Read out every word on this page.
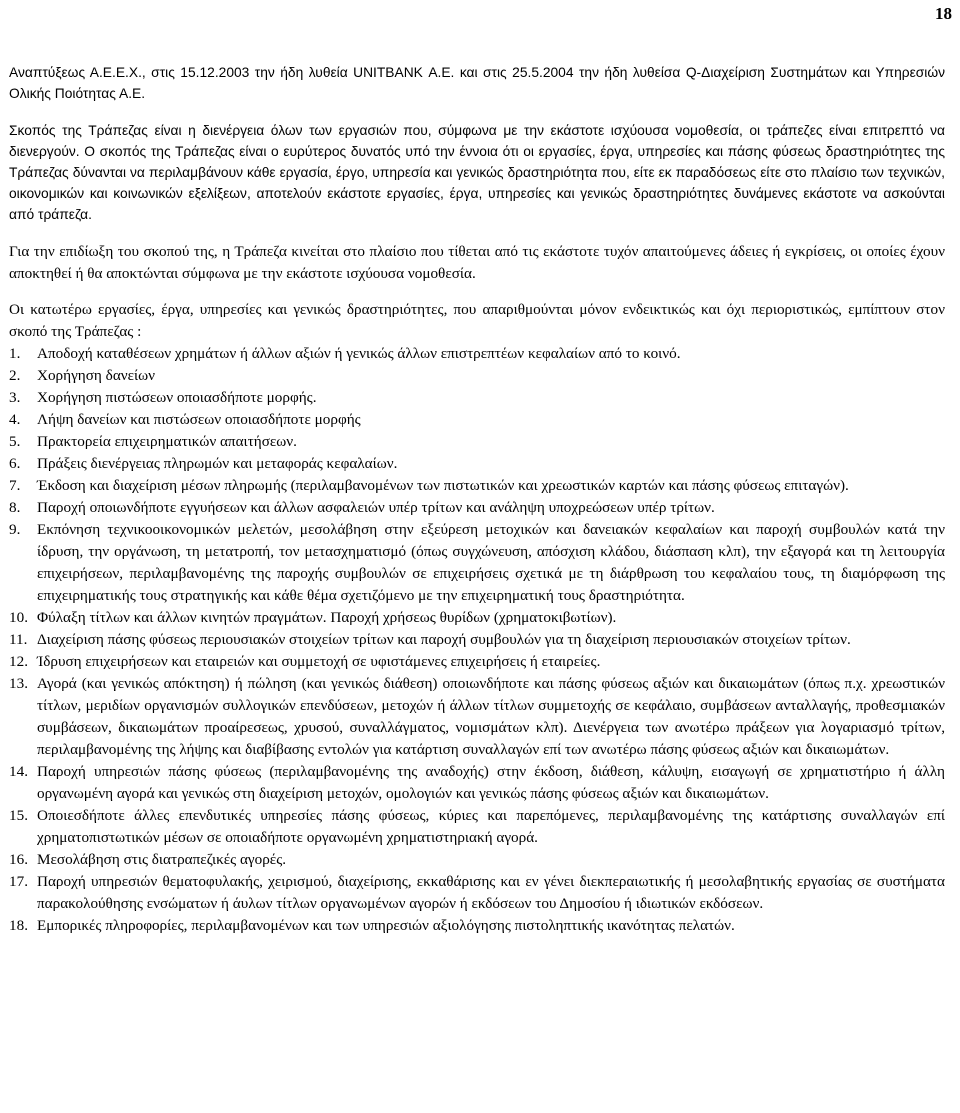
18

Αναπτύξεως Α.Ε.Ε.Χ., στις 15.12.2003 την ήδη λυθεία UNITBANK Α.Ε. και στις 25.5.2004 την ήδη λυθείσα Q-Διαχείριση Συστημάτων και Υπηρεσιών Ολικής Ποιότητας Α.Ε.

Σκοπός της Τράπεζας είναι η διενέργεια όλων των εργασιών που, σύμφωνα με την εκάστοτε ισχύουσα νομοθεσία, οι τράπεζες είναι επιτρεπτό να διενεργούν. Ο σκοπός της Τράπεζας είναι ο ευρύτερος δυνατός υπό την έννοια ότι οι εργασίες, έργα, υπηρεσίες και πάσης φύσεως δραστηριότητες της Τράπεζας δύνανται να περιλαμβάνουν κάθε εργασία, έργο, υπηρεσία και γενικώς δραστηριότητα που, είτε εκ παραδόσεως είτε στο πλαίσιο των τεχνικών, οικονομικών και κοινωνικών εξελίξεων, αποτελούν εκάστοτε εργασίες, έργα, υπηρεσίες και γενικώς δραστηριότητες δυνάμενες εκάστοτε να ασκούνται από τράπεζα.

Για την επιδίωξη του σκοπού της, η Τράπεζα κινείται στο πλαίσιο που τίθεται από τις εκάστοτε τυχόν απαιτούμενες άδειες ή εγκρίσεις, οι οποίες έχουν αποκτηθεί ή θα αποκτώνται σύμφωνα με την εκάστοτε ισχύουσα νομοθεσία.

Οι κατωτέρω εργασίες, έργα, υπηρεσίες και γενικώς δραστηριότητες, που απαριθμούνται μόνον ενδεικτικώς και όχι περιοριστικώς, εμπίπτουν στον σκοπό της Τράπεζας :

1. Αποδοχή καταθέσεων χρημάτων ή άλλων αξιών ή γενικώς άλλων επιστρεπτέων κεφαλαίων από το κοινό.
2. Χορήγηση δανείων
3. Χορήγηση πιστώσεων οποιασδήποτε μορφής.
4. Λήψη δανείων και πιστώσεων οποιασδήποτε μορφής
5. Πρακτορεία επιχειρηματικών απαιτήσεων.
6. Πράξεις διενέργειας πληρωμών και μεταφοράς κεφαλαίων.
7. Έκδοση και διαχείριση μέσων πληρωμής (περιλαμβανομένων των πιστωτικών και χρεωστικών καρτών και πάσης φύσεως επιταγών).
8. Παροχή οποιωνδήποτε εγγυήσεων και άλλων ασφαλειών υπέρ τρίτων και ανάληψη υποχρεώσεων υπέρ τρίτων.
9. Εκπόνηση τεχνικοοικονομικών μελετών, μεσολάβηση στην εξεύρεση μετοχικών και δανειακών κεφαλαίων και παροχή συμβουλών κατά την ίδρυση, την οργάνωση, τη μετατροπή, τον μετασχηματισμό (όπως συγχώνευση, απόσχιση κλάδου, διάσπαση κλπ), την εξαγορά και τη λειτουργία επιχειρήσεων, περιλαμβανομένης της παροχής συμβουλών σε επιχειρήσεις σχετικά με τη διάρθρωση του κεφαλαίου τους, τη διαμόρφωση της επιχειρηματικής τους στρατηγικής και κάθε θέμα σχετιζόμενο με την επιχειρηματική τους δραστηριότητα.
10. Φύλαξη τίτλων και άλλων κινητών πραγμάτων. Παροχή χρήσεως θυρίδων (χρηματοκιβωτίων).
11. Διαχείριση πάσης φύσεως περιουσιακών στοιχείων τρίτων και παροχή συμβουλών για τη διαχείριση περιουσιακών στοιχείων τρίτων.
12. Ίδρυση επιχειρήσεων και εταιρειών και συμμετοχή σε υφιστάμενες επιχειρήσεις ή εταιρείες.
13. Αγορά (και γενικώς απόκτηση) ή πώληση (και γενικώς διάθεση) οποιωνδήποτε και πάσης φύσεως αξιών και δικαιωμάτων (όπως π.χ. χρεωστικών τίτλων, μεριδίων οργανισμών συλλογικών επενδύσεων, μετοχών ή άλλων τίτλων συμμετοχής σε κεφάλαιο, συμβάσεων ανταλλαγής, προθεσμιακών συμβάσεων, δικαιωμάτων προαίρεσεως, χρυσού, συναλλάγματος, νομισμάτων κλπ). Διενέργεια των ανωτέρω πράξεων για λογαριασμό τρίτων, περιλαμβανομένης της λήψης και διαβίβασης εντολών για κατάρτιση συναλλαγών επί των ανωτέρω πάσης φύσεως αξιών και δικαιωμάτων.
14. Παροχή υπηρεσιών πάσης φύσεως (περιλαμβανομένης της αναδοχής) στην έκδοση, διάθεση, κάλυψη, εισαγωγή σε χρηματιστήριο ή άλλη οργανωμένη αγορά και γενικώς στη διαχείριση μετοχών, ομολογιών και γενικώς πάσης φύσεως αξιών και δικαιωμάτων.
15. Οποιεσδήποτε άλλες επενδυτικές υπηρεσίες πάσης φύσεως, κύριες και παρεπόμενες, περιλαμβανομένης της κατάρτισης συναλλαγών επί χρηματοπιστωτικών μέσων σε οποιαδήποτε οργανωμένη χρηματιστηριακή αγορά.
16. Μεσολάβηση στις διατραπεζικές αγορές.
17. Παροχή υπηρεσιών θεματοφυλακής, χειρισμού, διαχείρισης, εκκαθάρισης και εν γένει διεκπεραιωτικής ή μεσολαβητικής εργασίας σε συστήματα παρακολούθησης ενσώματων ή άυλων τίτλων οργανωμένων αγορών ή εκδόσεων του Δημοσίου ή ιδιωτικών εκδόσεων.
18. Εμπορικές πληροφορίες, περιλαμβανομένων και των υπηρεσιών αξιολόγησης πιστοληπτικής ικανότητας πελατών.
